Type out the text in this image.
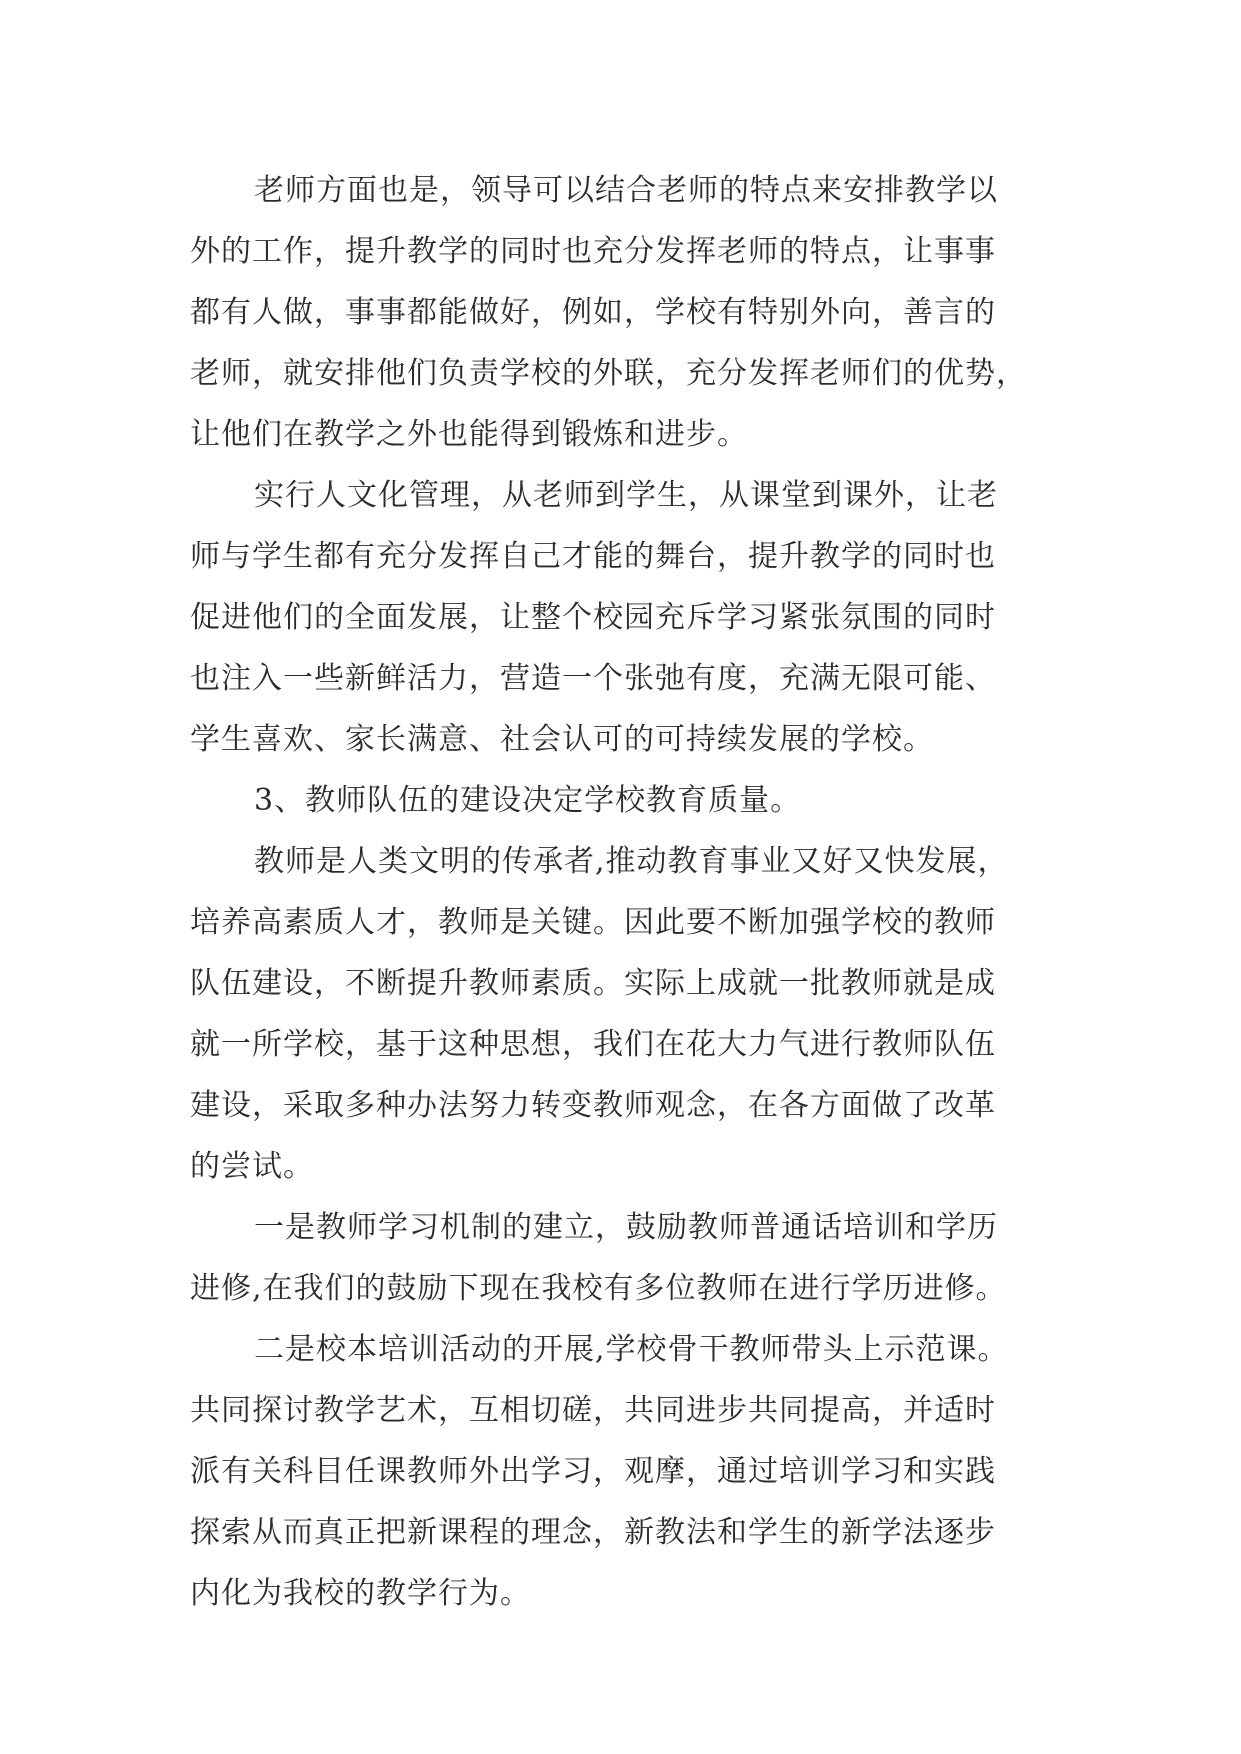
老师方面也是，领导可以结合老师的特点来安排教学以
外的工作，提升教学的同时也充分发挥老师的特点，让事事
都有人做，事事都能做好，例如，学校有特别外向，善言的
老师，就安排他们负责学校的外联，充分发挥老师们的优势，
让他们在教学之外也能得到锻炼和进步。
实行人文化管理，从老师到学生，从课堂到课外，让老
师与学生都有充分发挥自己才能的舞台，提升教学的同时也
促进他们的全面发展，让整个校园充斥学习紧张氛围的同时
也注入一些新鲜活力，营造一个张弛有度，充满无限可能、
学生喜欢、家长满意、社会认可的可持续发展的学校。
3、教师队伍的建设决定学校教育质量。
教师是人类文明的传承者,推动教育事业又好又快发展，
培养高素质人才，教师是关键。因此要不断加强学校的教师
队伍建设，不断提升教师素质。实际上成就一批教师就是成
就一所学校，基于这种思想，我们在花大力气进行教师队伍
建设，采取多种办法努力转变教师观念，在各方面做了改革
的尝试。
一是教师学习机制的建立，鼓励教师普通话培训和学历
进修,在我们的鼓励下现在我校有多位教师在进行学历进修。
二是校本培训活动的开展,学校骨干教师带头上示范课。
共同探讨教学艺术，互相切磋，共同进步共同提高，并适时
派有关科目任课教师外出学习，观摩，通过培训学习和实践
探索从而真正把新课程的理念，新教法和学生的新学法逐步
内化为我校的教学行为。
